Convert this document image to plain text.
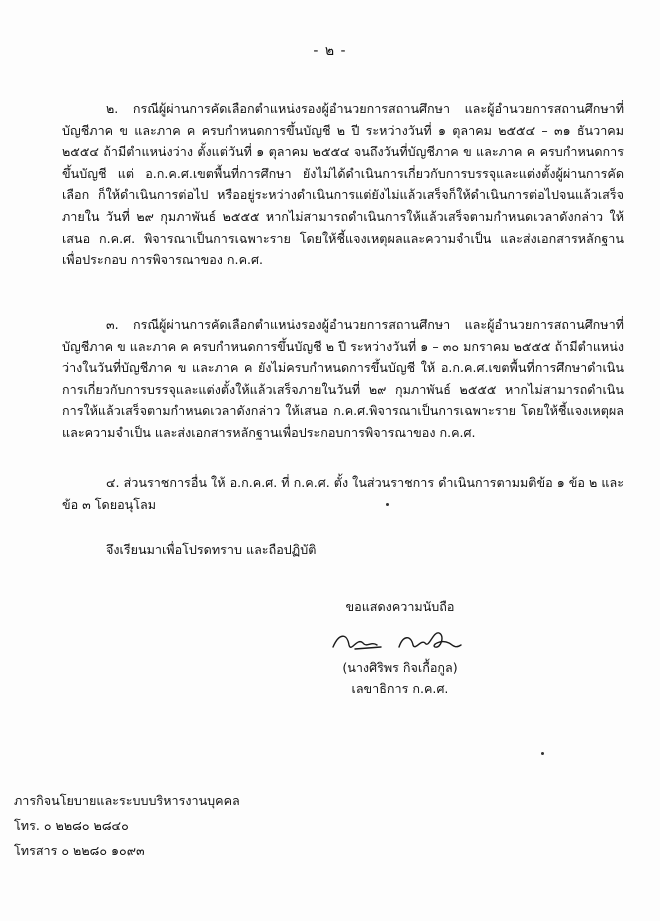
- ๒ -

๒. กรณีผู้ผ่านการคัดเลือกตำแหน่งรองผู้อำนวยการสถานศึกษา และผู้อำนวยการสถานศึกษาที่บัญชีภาค ข และภาค ค ครบกำหนดการขึ้นบัญชี ๒ ปี ระหว่างวันที่ ๑ ตุลาคม ๒๕๕๔ – ๓๑ ธันวาคม ๒๕๕๔ ถ้ามีตำแหน่งว่าง ตั้งแต่วันที่ ๑ ตุลาคม ๒๕๕๔ จนถึงวันที่บัญชีภาค ข และภาค ค ครบกำหนดการขึ้นบัญชี แต่ อ.ก.ค.ศ.เขตพื้นที่การศึกษา ยังไม่ได้ดำเนินการเกี่ยวกับการบรรจุและแต่งตั้งผู้ผ่านการคัดเลือก ก็ให้ดำเนินการต่อไป หรืออยู่ระหว่างดำเนินการแต่ยังไม่แล้วเสร็จก็ให้ดำเนินการต่อไปจนแล้วเสร็จภายใน วันที่ ๒๙ กุมภาพันธ์ ๒๕๕๕ หากไม่สามารถดำเนินการให้แล้วเสร็จตามกำหนดเวลาดังกล่าว ให้เสนอ ก.ค.ศ. พิจารณาเป็นการเฉพาะราย โดยให้ชี้แจงเหตุผลและความจำเป็น และส่งเอกสารหลักฐานเพื่อประกอบ การพิจารณาของ ก.ค.ศ.

๓. กรณีผู้ผ่านการคัดเลือกตำแหน่งรองผู้อำนวยการสถานศึกษา และผู้อำนวยการสถานศึกษาที่บัญชีภาค ข และภาค ค ครบกำหนดการขึ้นบัญชี ๒ ปี ระหว่างวันที่ ๑ – ๓๐ มกราคม ๒๕๕๕ ถ้ามีตำแหน่งว่างในวันที่บัญชีภาค ข และภาค ค ยังไม่ครบกำหนดการขึ้นบัญชี ให้ อ.ก.ค.ศ.เขตพื้นที่การศึกษาดำเนินการเกี่ยวกับการบรรจุและแต่งตั้งให้แล้วเสร็จภายในวันที่ ๒๙ กุมภาพันธ์ ๒๕๕๕ หากไม่สามารถดำเนินการให้แล้วเสร็จตามกำหนดเวลาดังกล่าว ให้เสนอ ก.ค.ศ.พิจารณาเป็นการเฉพาะราย โดยให้ชี้แจงเหตุผลและความจำเป็น และส่งเอกสารหลักฐานเพื่อประกอบการพิจารณาของ ก.ค.ศ.

๔. ส่วนราชการอื่น ให้ อ.ก.ค.ศ. ที่ ก.ค.ศ. ตั้ง ในส่วนราชการ ดำเนินการตามมติข้อ ๑ ข้อ ๒ และ ข้อ ๓ โดยอนุโลม

จึงเรียนมาเพื่อโปรดทราบ และถือปฏิบัติ
ขอแสดงความนับถือ
(นางศิริพร กิจเกื้อกูล)
เลขาธิการ ก.ค.ศ.
ภารกิจนโยบายและระบบบริหารงานบุคคล
โทร. ๐ ๒๒๘๐ ๒๘๔๐
โทรสาร ๐ ๒๒๘๐ ๑๐๙๓
